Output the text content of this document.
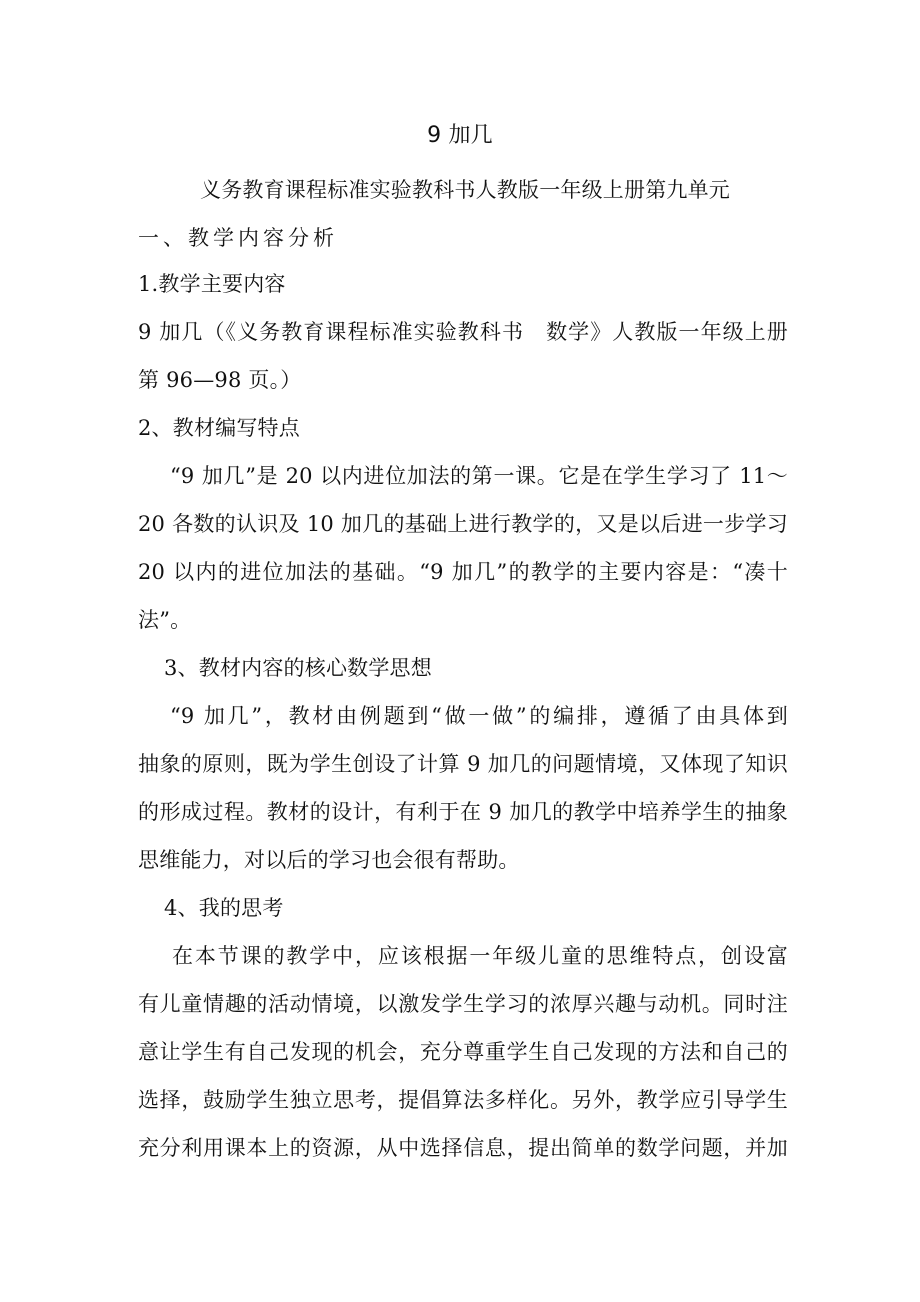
9 加几
义务教育课程标准实验教科书人教版一年级上册第九单元
一、教学内容分析
1.教学主要内容
9 加几（《义务教育课程标准实验教科书　数学》人教版一年级上册
第 96—98 页。）
2、教材编写特点
“9 加几”是 20 以内进位加法的第一课。它是在学生学习了 11～
20 各数的认识及 10 加几的基础上进行教学的，又是以后进一步学习
20 以内的进位加法的基础。“9 加几”的教学的主要内容是：“凑十
法”。
3、教材内容的核心数学思想
“9 加几”，教材由例题到“做一做”的编排，遵循了由具体到
抽象的原则，既为学生创设了计算 9 加几的问题情境，又体现了知识
的形成过程。教材的设计，有利于在 9 加几的教学中培养学生的抽象
思维能力，对以后的学习也会很有帮助。
4、我的思考
在本节课的教学中，应该根据一年级儿童的思维特点，创设富
有儿童情趣的活动情境，以激发学生学习的浓厚兴趣与动机。同时注
意让学生有自己发现的机会，充分尊重学生自己发现的方法和自己的
选择，鼓励学生独立思考，提倡算法多样化。另外，教学应引导学生
充分利用课本上的资源，从中选择信息，提出简单的数学问题，并加
